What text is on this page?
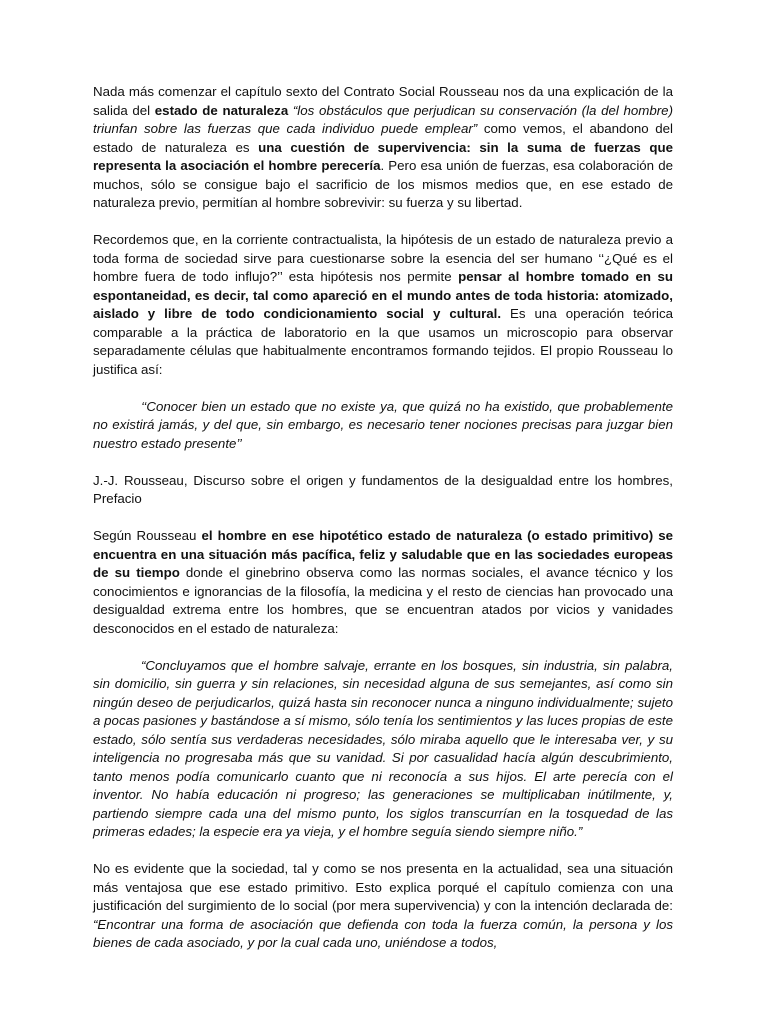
Nada más comenzar el capítulo sexto del Contrato Social Rousseau nos da una explicación de la salida del estado de naturaleza “los obstáculos que perjudican su conservación (la del hombre) triunfan sobre las fuerzas que cada individuo puede emplear” como vemos, el abandono del estado de naturaleza es una cuestión de supervivencia: sin la suma de fuerzas que representa la asociación el hombre perecería. Pero esa unión de fuerzas, esa colaboración de muchos, sólo se consigue bajo el sacrificio de los mismos medios que, en ese estado de naturaleza previo, permitían al hombre sobrevivir: su fuerza y su libertad.

Recordemos que, en la corriente contractualista, la hipótesis de un estado de naturaleza previo a toda forma de sociedad sirve para cuestionarse sobre la esencia del ser humano ‘‘¿Qué es el hombre fuera de todo influjo?’’ esta hipótesis nos permite pensar al hombre tomado en su espontaneidad, es decir, tal como apareció en el mundo antes de toda historia: atomizado, aislado y libre de todo condicionamiento social y cultural. Es una operación teórica comparable a la práctica de laboratorio en la que usamos un microscopio para observar separadamente células que habitualmente encontramos formando tejidos. El propio Rousseau lo justifica así:

‘‘Conocer bien un estado que no existe ya, que quizá no ha existido, que probablemente no existirá jamás, y del que, sin embargo, es necesario tener nociones precisas para juzgar bien nuestro estado presente’’

J.-J. Rousseau, Discurso sobre el origen y fundamentos de la desigualdad entre los hombres, Prefacio

Según Rousseau el hombre en ese hipotético estado de naturaleza (o estado primitivo) se encuentra en una situación más pacífica, feliz y saludable que en las sociedades europeas de su tiempo donde el ginebrino observa como las normas sociales, el avance técnico y los conocimientos e ignorancias de la filosofía, la medicina y el resto de ciencias han provocado una desigualdad extrema entre los hombres, que se encuentran atados por vicios y vanidades desconocidos en el estado de naturaleza:

“Concluyamos que el hombre salvaje, errante en los bosques, sin industria, sin palabra, sin domicilio, sin guerra y sin relaciones, sin necesidad alguna de sus semejantes, así como sin ningún deseo de perjudicarlos, quizá hasta sin reconocer nunca a ninguno individualmente; sujeto a pocas pasiones y bastándose a sí mismo, sólo tenía los sentimientos y las luces propias de este estado, sólo sentía sus verdaderas necesidades, sólo miraba aquello que le interesaba ver, y su inteligencia no progresaba más que su vanidad. Si por casualidad hacía algún descubrimiento, tanto menos podía comunicarlo cuanto que ni reconocía a sus hijos. El arte perecía con el inventor. No había educación ni progreso; las generaciones se multiplicaban inútilmente, y, partiendo siempre cada una del mismo punto, los siglos transcurrían en la tosquedad de las primeras edades; la especie era ya vieja, y el hombre seguía siendo siempre niño.”

No es evidente que la sociedad, tal y como se nos presenta en la actualidad, sea una situación más ventajosa que ese estado primitivo. Esto explica porqué el capítulo comienza con una justificación del surgimiento de lo social (por mera supervivencia) y con la intención declarada de: “Encontrar una forma de asociación que defienda con toda la fuerza común, la persona y los bienes de cada asociado, y por la cual cada uno, uniéndose a todos,
